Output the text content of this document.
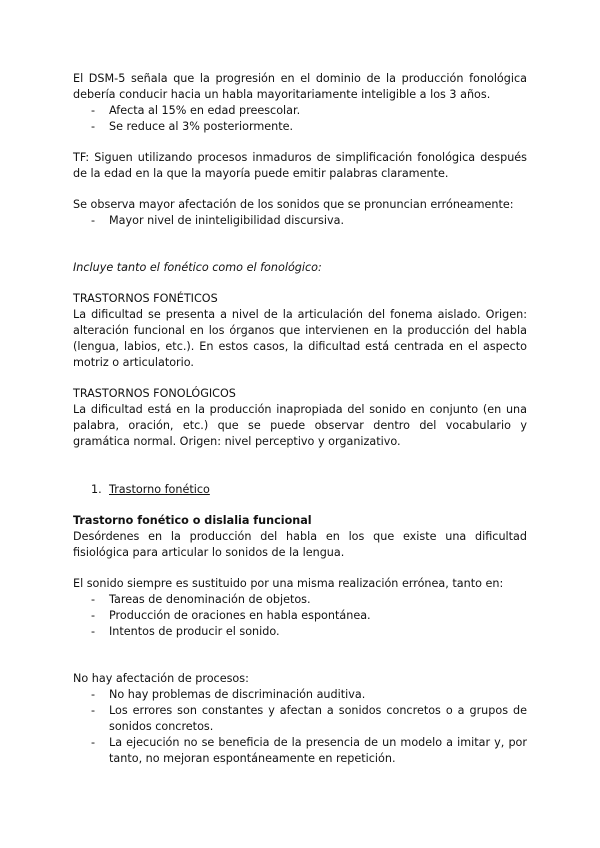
El DSM-5 señala que la progresión en el dominio de la producción fonológica debería conducir hacia un habla mayoritariamente inteligible a los 3 años.

- Afecta al 15% en edad preescolar.
- Se reduce al 3% posteriormente.

TF: Siguen utilizando procesos inmaduros de simplificación fonológica después de la edad en la que la mayoría puede emitir palabras claramente.

Se observa mayor afectación de los sonidos que se pronuncian erróneamente:

- Mayor nivel de ininteligibilidad discursiva.

Incluye tanto el fonético como el fonológico:

TRASTORNOS FONÉTICOS

La dificultad se presenta a nivel de la articulación del fonema aislado. Origen: alteración funcional en los órganos que intervienen en la producción del habla (lengua, labios, etc.). En estos casos, la dificultad está centrada en el aspecto motriz o articulatorio.

TRASTORNOS FONOLÓGICOS

La dificultad está en la producción inapropiada del sonido en conjunto (en una palabra, oración, etc.) que se puede observar dentro del vocabulario y gramática normal. Origen: nivel perceptivo y organizativo.

1. Trastorno fonético

Trastorno fonético o dislalia funcional

Desórdenes en la producción del habla en los que existe una dificultad fisiológica para articular lo sonidos de la lengua.

El sonido siempre es sustituido por una misma realización errónea, tanto en:

- Tareas de denominación de objetos.
- Producción de oraciones en habla espontánea.
- Intentos de producir el sonido.

No hay afectación de procesos:

- No hay problemas de discriminación auditiva.
- Los errores son constantes y afectan a sonidos concretos o a grupos de sonidos concretos.
- La ejecución no se beneficia de la presencia de un modelo a imitar y, por tanto, no mejoran espontáneamente en repetición.
